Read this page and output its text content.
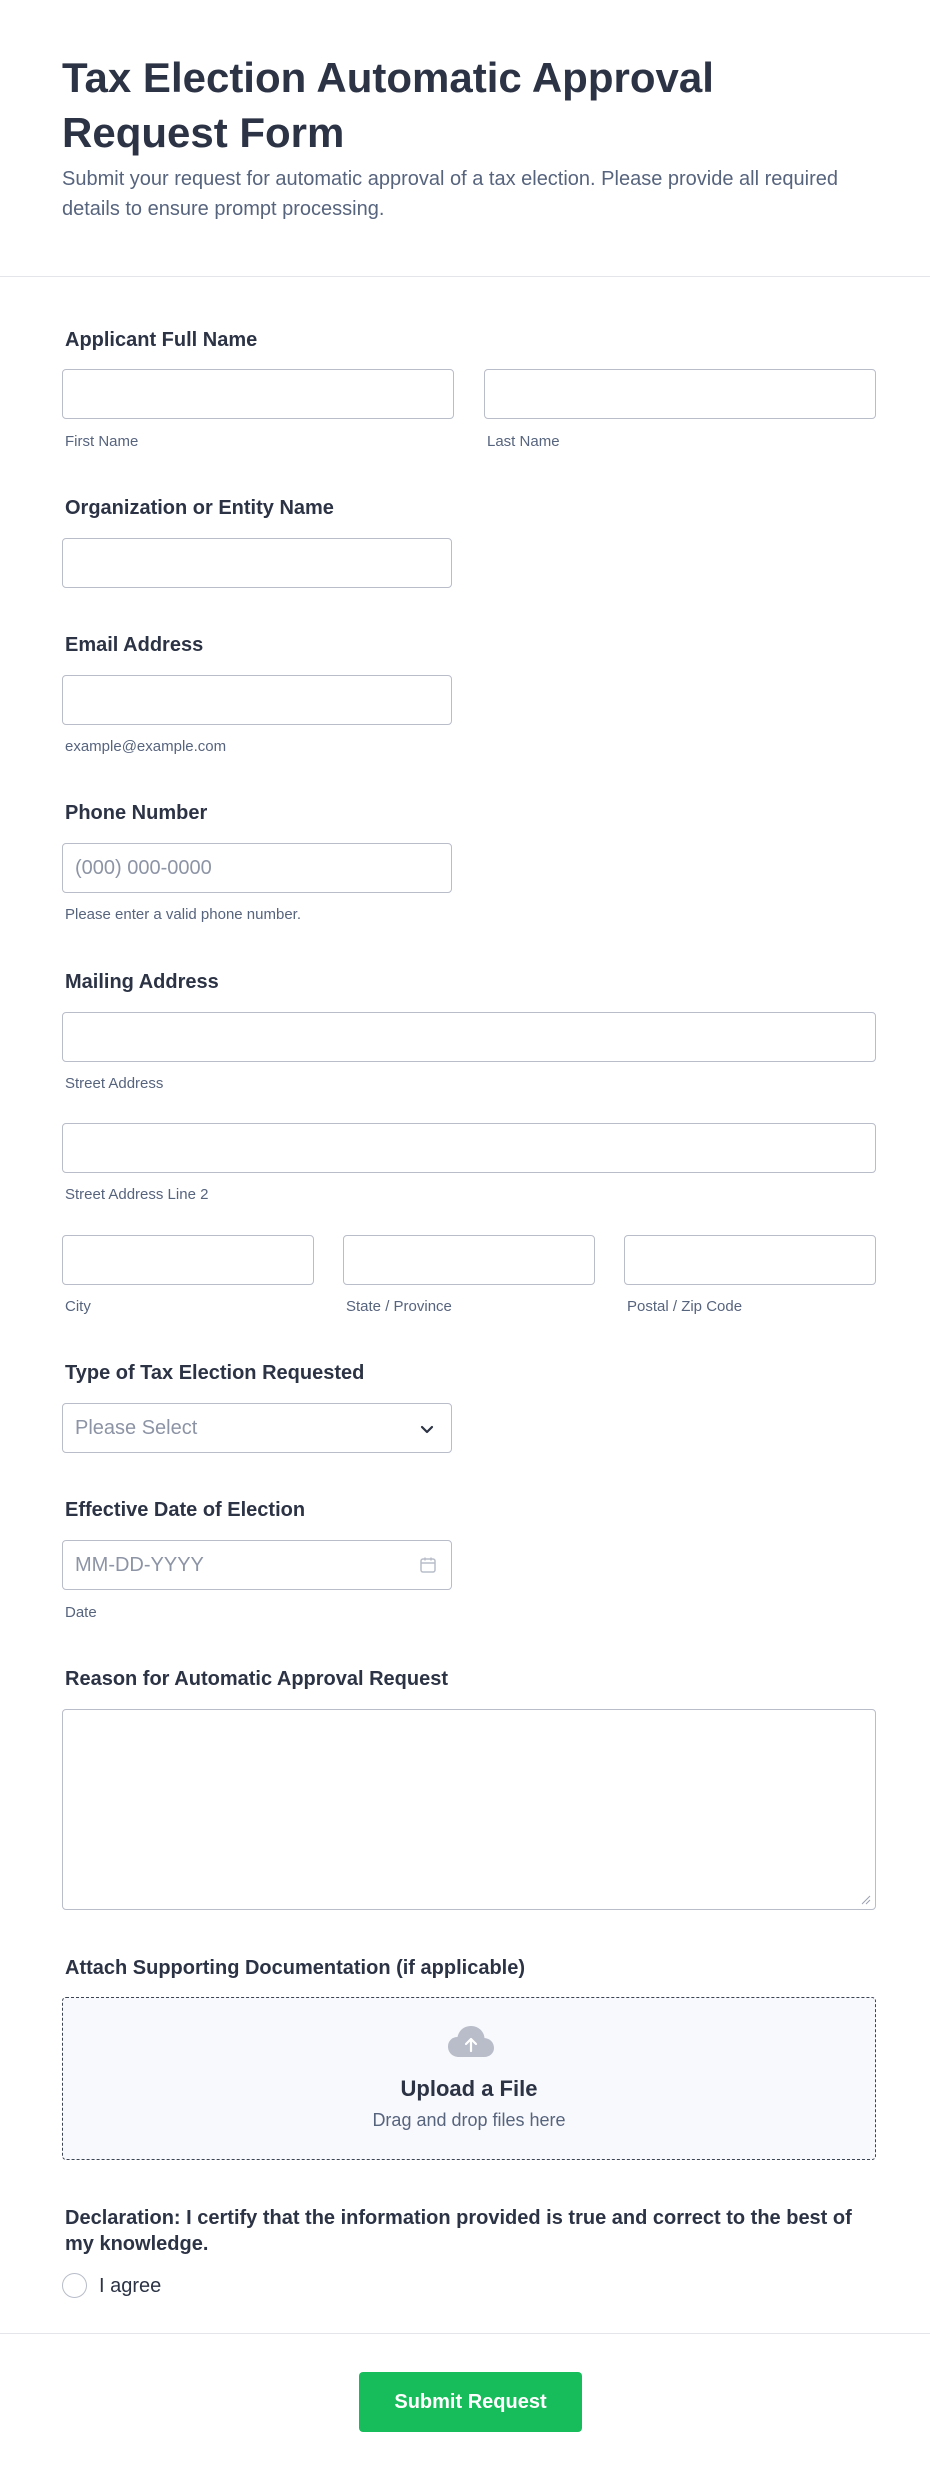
Tax Election Automatic Approval Request Form
Submit your request for automatic approval of a tax election. Please provide all required details to ensure prompt processing.
Applicant Full Name
First Name	Last Name
Organization or Entity Name
Email Address
example@example.com
Phone Number
(000) 000-0000
Please enter a valid phone number.
Mailing Address
Street Address
Street Address Line 2
City	State / Province	Postal / Zip Code
Type of Tax Election Requested
Please Select
Effective Date of Election
MM-DD-YYYY
Date
Reason for Automatic Approval Request
Attach Supporting Documentation (if applicable)
Upload a File
Drag and drop files here
Declaration: I certify that the information provided is true and correct to the best of my knowledge.
I agree
Submit Request
